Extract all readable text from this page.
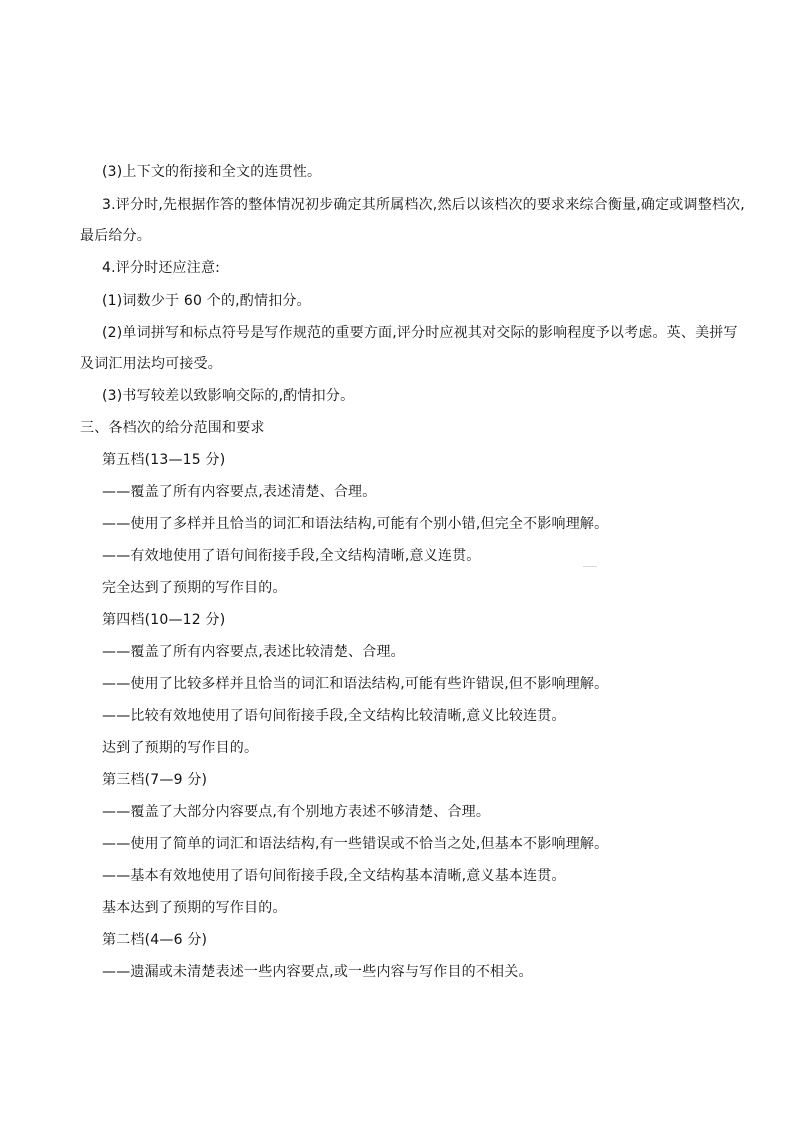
(3)上下文的衔接和全文的连贯性。
3.评分时,先根据作答的整体情况初步确定其所属档次,然后以该档次的要求来综合衡量,确定或调整档次,
最后给分。
4.评分时还应注意:
(1)词数少于 60 个的,酌情扣分。
(2)单词拼写和标点符号是写作规范的重要方面,评分时应视其对交际的影响程度予以考虑。英、美拼写
及词汇用法均可接受。
(3)书写较差以致影响交际的,酌情扣分。
三、各档次的给分范围和要求
第五档(13—15 分)
——覆盖了所有内容要点,表述清楚、合理。
——使用了多样并且恰当的词汇和语法结构,可能有个别小错,但完全不影响理解。
——有效地使用了语句间衔接手段,全文结构清晰,意义连贯。
完全达到了预期的写作目的。
第四档(10—12 分)
——覆盖了所有内容要点,表述比较清楚、合理。
——使用了比较多样并且恰当的词汇和语法结构,可能有些许错误,但不影响理解。
——比较有效地使用了语句间衔接手段,全文结构比较清晰,意义比较连贯。
达到了预期的写作目的。
第三档(7—9 分)
——覆盖了大部分内容要点,有个别地方表述不够清楚、合理。
——使用了简单的词汇和语法结构,有一些错误或不恰当之处,但基本不影响理解。
——基本有效地使用了语句间衔接手段,全文结构基本清晰,意义基本连贯。
基本达到了预期的写作目的。
第二档(4—6 分)
——遗漏或未清楚表述一些内容要点,或一些内容与写作目的不相关。
